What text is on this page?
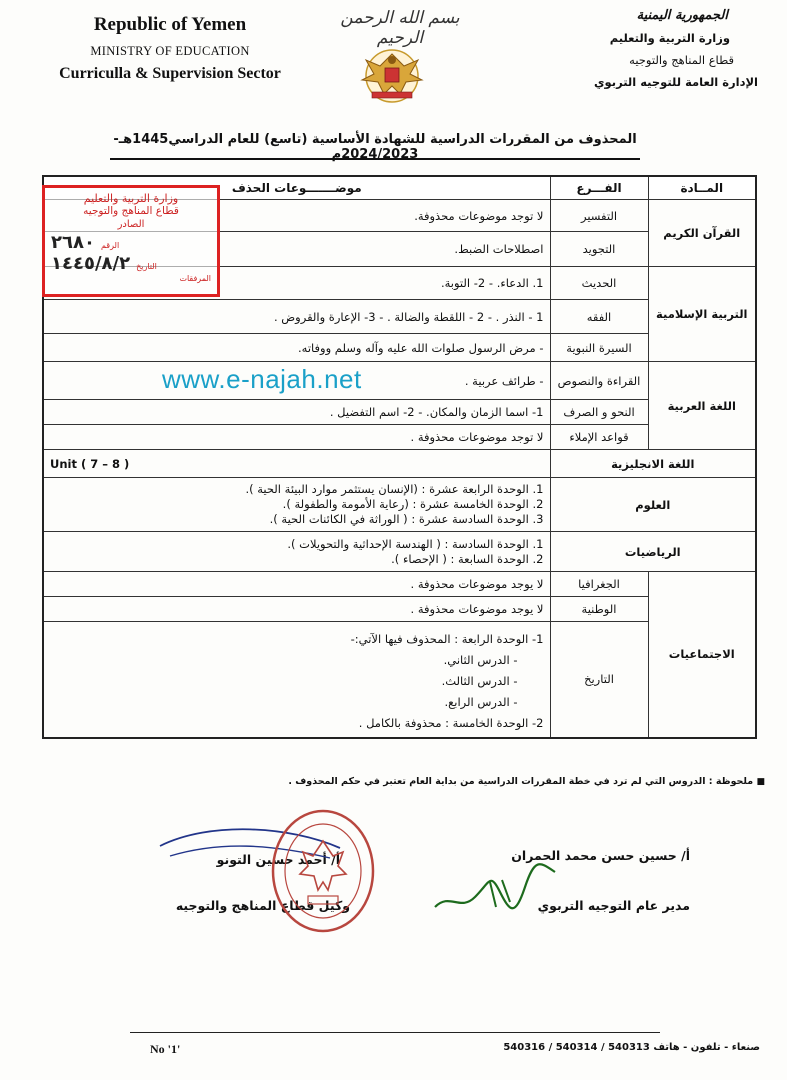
Republic of Yemen
MINISTRY OF EDUCATION
Curriculla & Supervision Sector
بسم الله الرحمن الرحيم
الجمهورية اليمنية
وزارة التربية والتعليم
قطاع المناهج والتوجيه
الإدارة العامة للتوجيه التربوي
المحذوف من المقررات الدراسية للشهادة الأساسية (تاسع) للعام الدراسي1445هـ- 2024/2023م
المــادة	الفـــرع	موضـــــــوعات الحذف
القرآن الكريم	التفسير	لا توجد موضوعات محذوفة.
	التجويد	اصطلاحات الضبط.
التربية الإسلامية	الحديث	1. الدعاء. - 2- التوبة.
	الفقه	1 - النذر . - 2 - اللقطة والضالة . - 3- الإعارة والقروض .
	السيرة النبوية	- مرض الرسول صلوات الله عليه وآله وسلم ووفاته.
اللغة العربية	القراءة والنصوص	- طرائف عربية .
	النحو و الصرف	1- اسما الزمان والمكان. - 2- اسم التفضيل .
	قواعد الإملاء	لا توجد موضوعات محذوفة .
اللغة الانجليزية		Unit ( 7 – 8 )
العلوم		1. الوحدة الرابعة عشرة : (الإنسان يستثمر موارد البيئة الحية ).
2. الوحدة الخامسة عشرة : (رعاية الأمومة والطفولة ).
3. الوحدة السادسة عشرة : ( الوراثة في الكائنات الحية ).

الرياضيات		1. الوحدة السادسة : ( الهندسة الإحداثية والتحويلات ).
2. الوحدة السابعة : ( الإحصاء ).

الاجتماعيات	الجغرافيا	لا يوجد موضوعات محذوفة .
	الوطنية	لا يوجد موضوعات محذوفة .
	التاريخ	1- الوحدة الرابعة : المحذوف فيها الآتي:-
- الدرس الثاني.
- الدرس الثالث.
- الدرس الرابع.
2- الوحدة الخامسة : محذوفة بالكامل .
وزارة التربية والتعليم
قطاع المناهج والتوجيه
الصادر
الرقم
٢٦٨٠
التاريخ
١٤٤٥/٨/٢
المرفقات
www.e-najah.net
■ ملحوظة : الدروس التي لم ترد في خطة المقررات الدراسية من بداية العام تعتبر في حكم المحذوف .
أ/ حسين حسن محمد الحمران
مدير عام التوجيه التربوي
أ/ أحمد حسين التونو
وكيل قطاع المناهج والتوجيه
No '1'	صنعاء - تلفون - هاتف 540313 / 540314 / 540316
